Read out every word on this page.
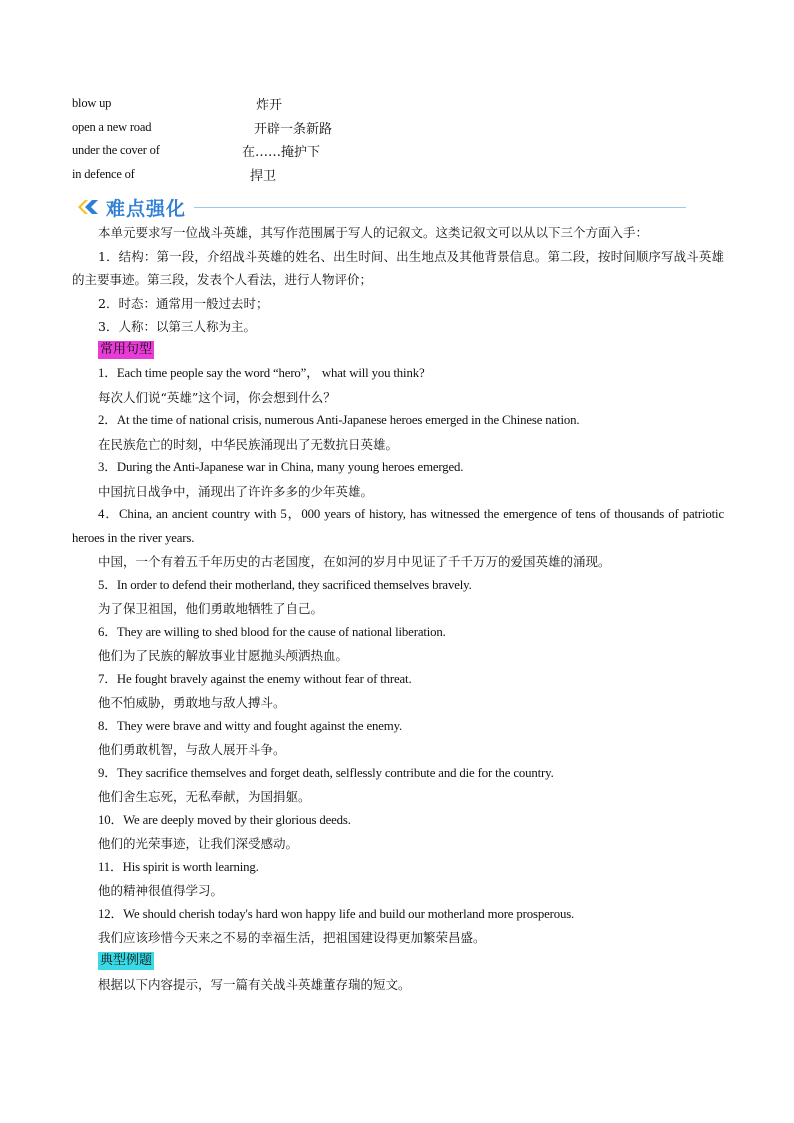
blow up	炸开
open a new road	开辟一条新路
under the cover of	在……掩护下
in defence of	捍卫
难点强化
本单元要求写一位战斗英雄，其写作范围属于写人的记叙文。这类记叙文可以从以下三个方面入手：
1．结构：第一段，介绍战斗英雄的姓名、出生时间、出生地点及其他背景信息。第二段，按时间顺序写战斗英雄的主要事迹。第三段，发表个人看法，进行人物评价；
2．时态：通常用一般过去时；
3．人称：以第三人称为主。
常用句型
1．Each time people say the word “hero”， what will you think?
每次人们说“英雄”这个词，你会想到什么？
2．At the time of national crisis, numerous Anti-Japanese heroes emerged in the Chinese nation.
在民族危亡的时刻，中华民族涌现出了无数抗日英雄。
3．During the Anti-Japanese war in China, many young heroes emerged.
中国抗日战争中，涌现出了许许多多的少年英雄。
4．China, an ancient country with 5，000 years of history, has witnessed the emergence of tens of thousands of patriotic heroes in the river years.
中国，一个有着五千年历史的古老国度，在如河的岁月中见证了千千万万的爱国英雄的涌现。
5．In order to defend their motherland, they sacrificed themselves bravely.
为了保卫祖国，他们勇敢地牺牲了自己。
6．They are willing to shed blood for the cause of national liberation.
他们为了民族的解放事业甘愿抛头颅洒热血。
7．He fought bravely against the enemy without fear of threat.
他不怕威胁，勇敢地与敌人搏斗。
8．They were brave and witty and fought against the enemy.
他们勇敢机智，与敌人展开斗争。
9．They sacrifice themselves and forget death, selflessly contribute and die for the country.
他们舍生忘死，无私奉献，为国捐躯。
10．We are deeply moved by their glorious deeds.
他们的光荣事迹，让我们深受感动。
11．His spirit is worth learning.
他的精神很值得学习。
12．We should cherish today's hard won happy life and build our motherland more prosperous.
我们应该珍惜今天来之不易的幸福生活，把祖国建设得更加繁荣昌盛。
典型例题
根据以下内容提示，写一篇有关战斗英雄董存瑞的短文。
